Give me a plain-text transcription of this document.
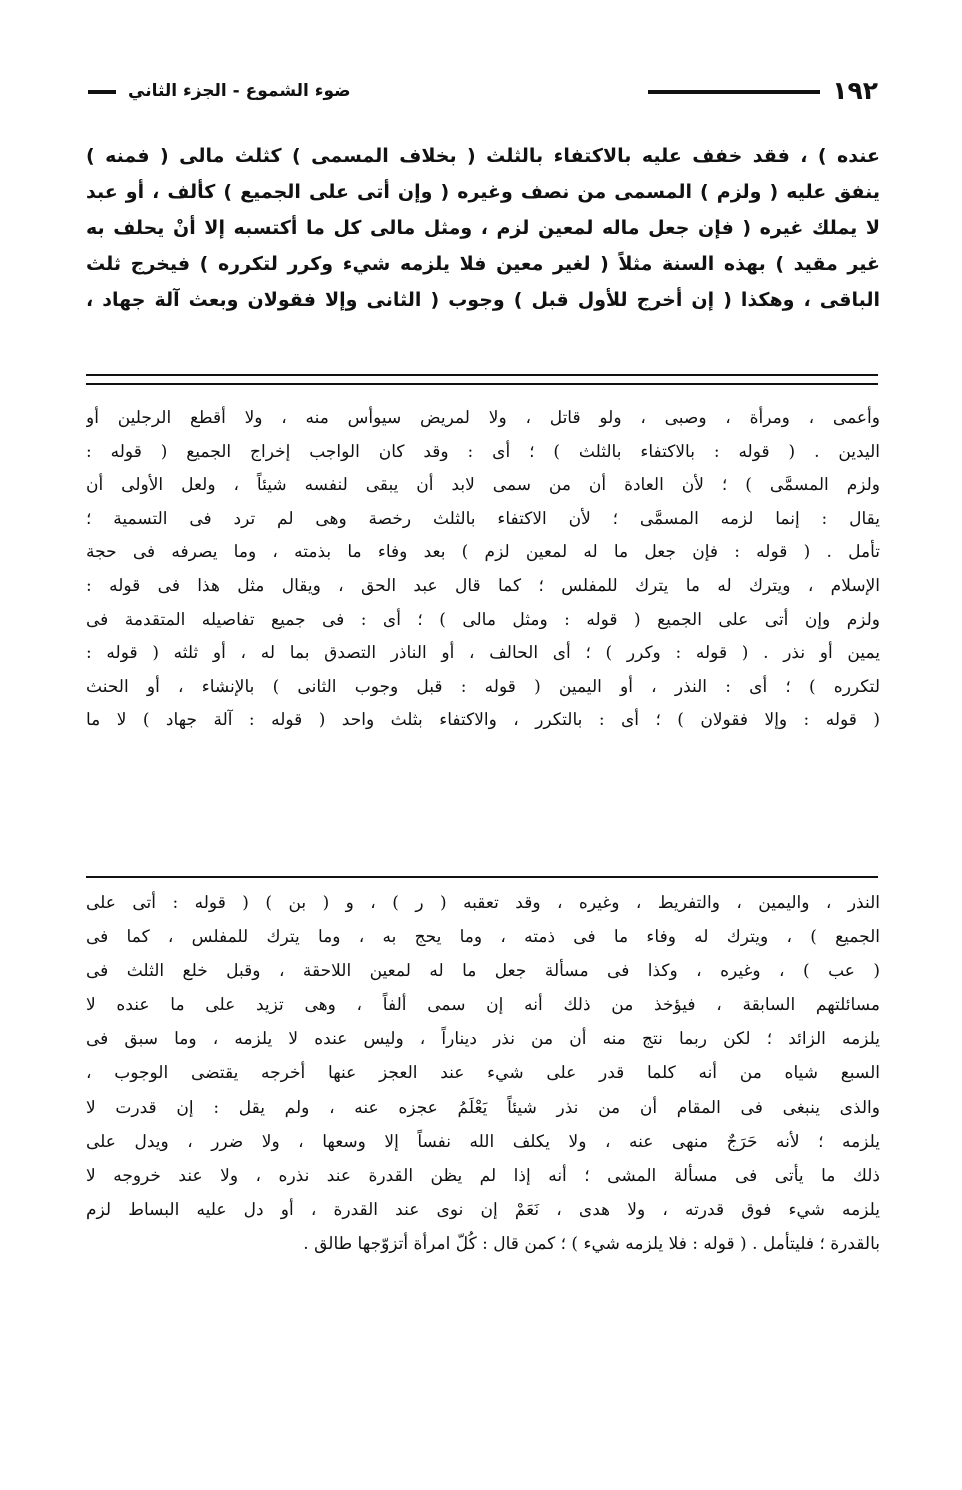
١٩٢
ضوء الشموع - الجزء الثاني
عنده ) ، فقد خفف عليه بالاكتفاء بالثلث ( بخلاف المسمى ) كثلث مالى ( فمنه )
ينفق عليه ( ولزم ) المسمى من نصف وغيره ( وإن أتى على الجميع ) كألف ، أو عبد
لا يملك غيره ( فإن جعل ماله لمعين لزم ، ومثل مالى كل ما أكتسبه إلا أنْ يحلف به
غير مقيد ) بهذه السنة مثلاً ( لغير معين فلا يلزمه شيء وكرر لتكرره ) فيخرج ثلث
الباقى ، وهكذا ( إن أخرج للأول قبل ) وجوب ( الثانى وإلا فقولان وبعث آلة جهاد ،
وأعمى ، ومرأة ، وصبى ، ولو قاتل ، ولا لمريض سيوأس منه ، ولا أقطع الرجلين أو
اليدين . ( قوله : بالاكتفاء بالثلث ) ؛ أى : وقد كان الواجب إخراج الجميع ( قوله :
ولزم المسمَّى ) ؛ لأن العادة أن من سمى لابد أن يبقى لنفسه شيئاً ، ولعل الأولى أن
يقال : إنما لزمه المسمَّى ؛ لأن الاكتفاء بالثلث رخصة وهى لم ترد فى التسمية ؛
تأمل . ( قوله : فإن جعل ما له لمعين لزم ) بعد وفاء ما بذمته ، وما يصرفه فى حجة
الإسلام ، ويترك له ما يترك للمفلس ؛ كما قال عبد الحق ، ويقال مثل هذا فى قوله :
ولزم وإن أتى على الجميع ( قوله : ومثل مالى ) ؛ أى : فى جميع تفاصيله المتقدمة فى
يمين أو نذر . ( قوله : وكرر ) ؛ أى الحالف ، أو الناذر التصدق بما له ، أو ثلثه ( قوله :
لتكرره ) ؛ أى : النذر ، أو اليمين ( قوله : قبل وجوب الثانى ) بالإنشاء ، أو الحنث
( قوله : وإلا فقولان ) ؛ أى : بالتكرر ، والاكتفاء بثلث واحد ( قوله : آلة جهاد ) لا ما
النذر ، واليمين ، والتفريط ، وغيره ، وقد تعقبه ( ر ) ، و ( بن ) ( قوله : أتى على
الجميع ) ، ويترك له وفاء ما فى ذمته ، وما يحج به ، وما يترك للمفلس ، كما فى
( عب ) ، وغيره ، وكذا فى مسألة جعل ما له لمعين اللاحقة ، وقبل خلع الثلث فى
مسائلتهم السابقة ، فيؤخذ من ذلك أنه إن سمى ألفاً ، وهى تزيد على ما عنده لا
يلزمه الزائد ؛ لكن ربما نتج منه أن من نذر ديناراً ، وليس عنده لا يلزمه ، وما سبق فى
السبع شياه من أنه كلما قدر على شيء عند العجز عنها أخرجه يقتضى الوجوب ،
والذى ينبغى فى المقام أن من نذر شيئاً يَعْلَمُ عجزه عنه ، ولم يقل : إن قدرت لا
يلزمه ؛ لأنه حَرَجٌ منهى عنه ، ولا يكلف الله نفساً إلا وسعها ، ولا ضرر ، ويدل على
ذلك ما يأتى فى مسألة المشى ؛ أنه إذا لم يظن القدرة عند نذره ، ولا عند خروجه لا
يلزمه شيء فوق قدرته ، ولا هدى ، نَعَمْ إن نوى عند القدرة ، أو دل عليه البساط لزم
بالقدرة ؛ فليتأمل . ( قوله : فلا يلزمه شيء ) ؛ كمن قال : كُلّ امرأة أتزوّجها طالق .
